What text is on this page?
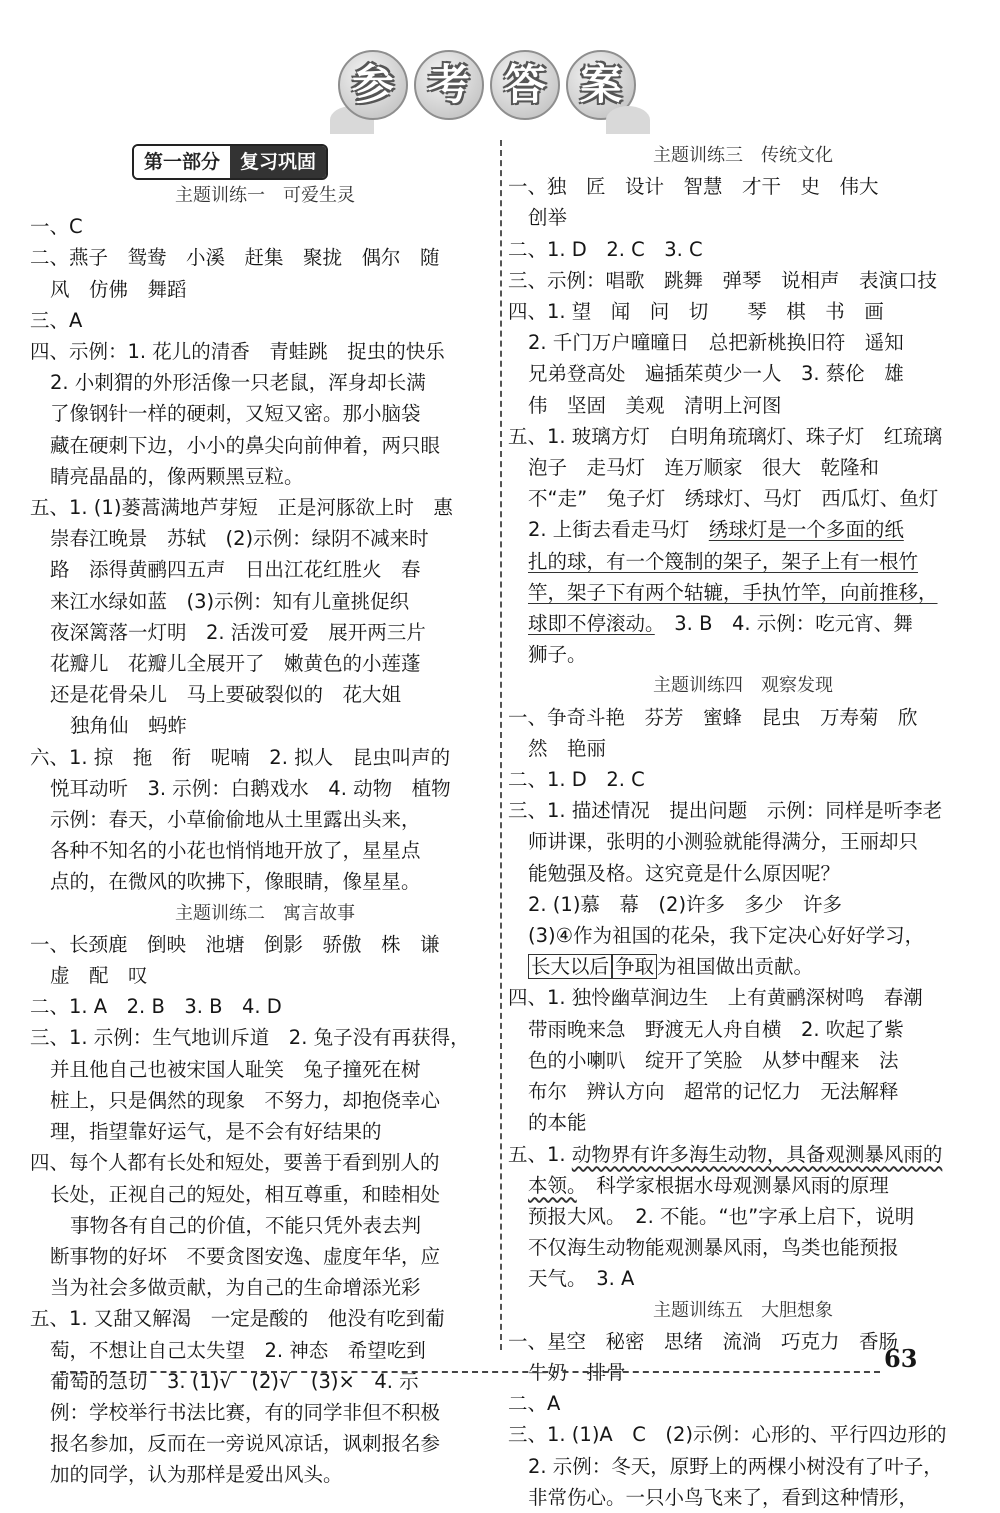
参 考 答 案
第一部分 复习巩固
主题训练一　可爱生灵
一、C
二、燕子　鸳鸯　小溪　赶集　聚拢　偶尔　随
风　仿佛　舞蹈
三、A
四、示例：1. 花儿的清香　青蛙跳　捉虫的快乐
2. 小刺猬的外形活像一只老鼠，浑身却长满
了像钢针一样的硬刺，又短又密。那小脑袋
藏在硬刺下边，小小的鼻尖向前伸着，两只眼
睛亮晶晶的，像两颗黑豆粒。
五、1. (1)蒌蒿满地芦芽短　正是河豚欲上时　惠
崇春江晚景　苏轼　(2)示例：绿阴不减来时
路　添得黄鹂四五声　日出江花红胜火　春
来江水绿如蓝　(3)示例：知有儿童挑促织
夜深篱落一灯明　2. 活泼可爱　展开两三片
花瓣儿　花瓣儿全展开了　嫩黄色的小莲蓬
还是花骨朵儿　马上要破裂似的　花大姐
独角仙　蚂蚱
六、1. 掠　拖　衔　呢喃　2. 拟人　昆虫叫声的
悦耳动听　3. 示例：白鹅戏水　4. 动物　植物
示例：春天，小草偷偷地从土里露出头来，
各种不知名的小花也悄悄地开放了，星星点
点的，在微风的吹拂下，像眼睛，像星星。
主题训练二　寓言故事
一、长颈鹿　倒映　池塘　倒影　骄傲　株　谦
虚　配　叹
二、1. A　2. B　3. B　4. D
三、1. 示例：生气地训斥道　2. 兔子没有再获得，
并且他自己也被宋国人耻笑　兔子撞死在树
桩上，只是偶然的现象　不努力，却抱侥幸心
理，指望靠好运气，是不会有好结果的
四、每个人都有长处和短处，要善于看到别人的
长处，正视自己的短处，相互尊重，和睦相处
事物各有自己的价值，不能只凭外表去判
断事物的好坏　不要贪图安逸、虚度年华，应
当为社会多做贡献，为自己的生命增添光彩
五、1. 又甜又解渴　一定是酸的　他没有吃到葡
萄，不想让自己太失望　2. 神态　希望吃到
葡萄的急切　3. (1)√　(2)√　(3)×　4. 示
例：学校举行书法比赛，有的同学非但不积极
报名参加，反而在一旁说风凉话，讽刺报名参
加的同学，认为那样是爱出风头。
主题训练三　传统文化
一、独　匠　设计　智慧　才干　史　伟大
创举
二、1. D　2. C　3. C
三、示例：唱歌　跳舞　弹琴　说相声　表演口技
四、1. 望　闻　问　切　　琴　棋　书　画
2. 千门万户曈曈日　总把新桃换旧符　遥知
兄弟登高处　遍插茱萸少一人　3. 蔡伦　雄
伟　坚固　美观　清明上河图
五、1. 玻璃方灯　白明角琉璃灯、珠子灯　红琉璃
泡子　走马灯　连万顺家　很大　乾隆和
不“走”　兔子灯　绣球灯、马灯　西瓜灯、鱼灯
2. 上街去看走马灯　绣球灯是一个多面的纸
扎的球，有一个篾制的架子，架子上有一根竹
竿，架子下有两个轱辘，手执竹竿，向前推移，
球即不停滚动。　3. B　4. 示例：吃元宵、舞
狮子。
主题训练四　观察发现
一、争奇斗艳　芬芳　蜜蜂　昆虫　万寿菊　欣
然　艳丽
二、1. D　2. C
三、1. 描述情况　提出问题　示例：同样是听李老
师讲课，张明的小测验就能得满分，王丽却只
能勉强及格。这究竟是什么原因呢？
2. (1)慕　幕　(2)许多　多少　许多
(3)④作为祖国的花朵，我下定决心好好学习，
长大以后 争取 为祖国做出贡献。
四、1. 独怜幽草涧边生　上有黄鹂深树鸣　春潮
带雨晚来急　野渡无人舟自横　2. 吹起了紫
色的小喇叭　绽开了笑脸　从梦中醒来　法
布尔　辨认方向　超常的记忆力　无法解释
的本能
五、1. 动物界有许多海生动物，具备观测暴风雨的
本领。　科学家根据水母观测暴风雨的原理
预报大风。　2. 不能。“也”字承上启下，说明
不仅海生动物能观测暴风雨，鸟类也能预报
天气。　3. A
主题训练五　大胆想象
一、星空　秘密　思绪　流淌　巧克力　香肠
牛奶　排骨
二、A
三、1. (1)A　C　(2)示例：心形的、平行四边形的
2. 示例：冬天，原野上的两棵小树没有了叶子，
非常伤心。一只小鸟飞来了，看到这种情形，
63
